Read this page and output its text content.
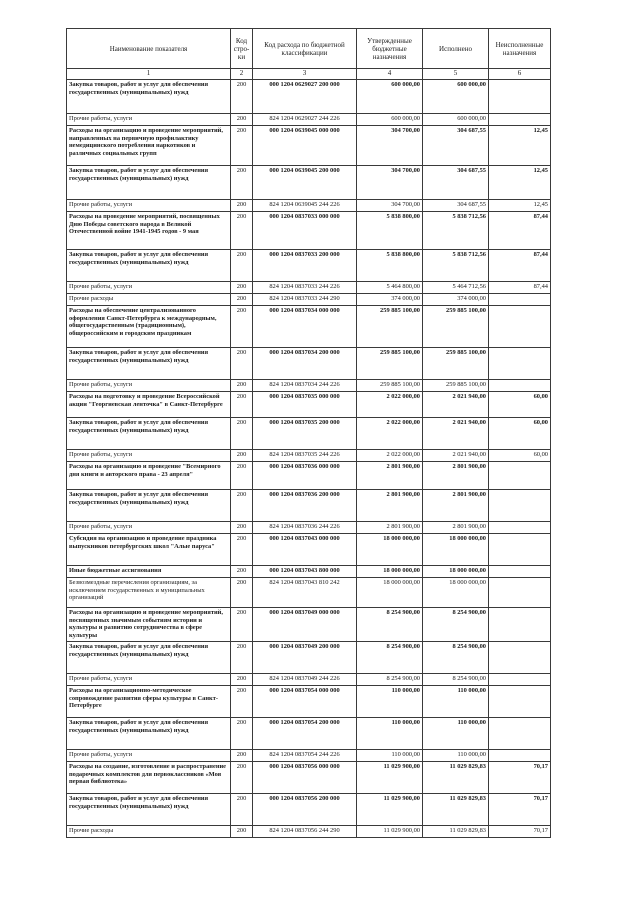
Наименование показателя	Код стро-ки	Код расхода по бюджетной классификации	Утвержденные бюджетные назначения	Исполнено	Неисполненные назначения
1	2	3	4	5	6
Закупка товаров, работ и услуг для обеспечения государственных (муниципальных) нужд	200	000 1204 0629027 200 000	600 000,00	600 000,00	
Прочие работы, услуги	200	824 1204 0629027 244 226	600 000,00	600 000,00	
Расходы на организацию и проведение мероприятий, направленных на первичную профилактику немедицинского потребления наркотиков и различных социальных групп	200	000 1204 0639045 000 000	304 700,00	304 687,55	12,45
Закупка товаров, работ и услуг для обеспечения государственных (муниципальных) нужд	200	000 1204 0639045 200 000	304 700,00	304 687,55	12,45
Прочие работы, услуги	200	824 1204 0639045 244 226	304 700,00	304 687,55	12,45
Расходы на проведение мероприятий, посвященных Дню Победы советского народа в Великой Отечественной войне 1941-1945 годов - 9 мая	200	000 1204 0837033 000 000	5 838 800,00	5 838 712,56	87,44
Закупка товаров, работ и услуг для обеспечения государственных (муниципальных) нужд	200	000 1204 0837033 200 000	5 838 800,00	5 838 712,56	87,44
Прочие работы, услуги	200	824 1204 0837033 244 226	5 464 800,00	5 464 712,56	87,44
Прочие расходы	200	824 1204 0837033 244 290	374 000,00	374 000,00	
Расходы на обеспечение централизованного оформления Санкт-Петербурга к международным, общегосударственным (традиционным), общероссийским и городским праздникам	200	000 1204 0837034 000 000	259 885 100,00	259 885 100,00	
Закупка товаров, работ и услуг для обеспечения государственных (муниципальных) нужд	200	000 1204 0837034 200 000	259 885 100,00	259 885 100,00	
Прочие работы, услуги	200	824 1204 0837034 244 226	259 885 100,00	259 885 100,00	
Расходы на подготовку и проведение Всероссийской акции "Георгиевская ленточка" в Санкт-Петербурге	200	000 1204 0837035 000 000	2 022 000,00	2 021 940,00	60,00
Закупка товаров, работ и услуг для обеспечения государственных (муниципальных) нужд	200	000 1204 0837035 200 000	2 022 000,00	2 021 940,00	60,00
Прочие работы, услуги	200	824 1204 0837035 244 226	2 022 000,00	2 021 940,00	60,00
Расходы на организацию и проведение "Всемирного дня книги и авторского права - 23 апреля"	200	000 1204 0837036 000 000	2 801 900,00	2 801 900,00	
Закупка товаров, работ и услуг для обеспечения государственных (муниципальных) нужд	200	000 1204 0837036 200 000	2 801 900,00	2 801 900,00	
Прочие работы, услуги	200	824 1204 0837036 244 226	2 801 900,00	2 801 900,00	
Субсидия на организацию и проведение праздника выпускников петербургских школ "Алые паруса"	200	000 1204 0837043 000 000	18 000 000,00	18 000 000,00	
Иные бюджетные ассигнования	200	000 1204 0837043 800 000	18 000 000,00	18 000 000,00	
Безвозмездные перечисления организациям, за исключением государственных и муниципальных организаций	200	824 1204 0837043 810 242	18 000 000,00	18 000 000,00	
Расходы на организацию и проведение мероприятий, посвященных значимым событиям истории и культуры и развитию сотрудничества в сфере культуры	200	000 1204 0837049 000 000	8 254 900,00	8 254 900,00	
Закупка товаров, работ и услуг для обеспечения государственных (муниципальных) нужд	200	000 1204 0837049 200 000	8 254 900,00	8 254 900,00	
Прочие работы, услуги	200	824 1204 0837049 244 226	8 254 900,00	8 254 900,00	
Расходы на организационно-методическое сопровождение развития сферы культуры в Санкт-Петербурге	200	000 1204 0837054 000 000	110 000,00	110 000,00	
Закупка товаров, работ и услуг для обеспечения государственных (муниципальных) нужд	200	000 1204 0837054 200 000	110 000,00	110 000,00	
Прочие работы, услуги	200	824 1204 0837054 244 226	110 000,00	110 000,00	
Расходы на создание, изготовление и распространение подарочных комплектов для первоклассников «Моя первая библиотека»	200	000 1204 0837056 000 000	11 029 900,00	11 029 829,83	70,17
Закупка товаров, работ и услуг для обеспечения государственных (муниципальных) нужд	200	000 1204 0837056 200 000	11 029 900,00	11 029 829,83	70,17
Прочие расходы	200	824 1204 0837056 244 290	11 029 900,00	11 029 829,83	70,17
